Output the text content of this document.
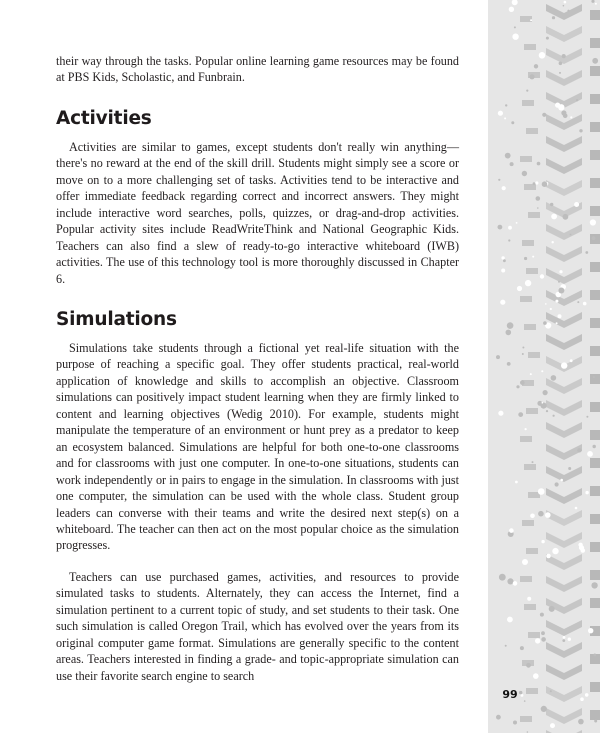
their way through the tasks. Popular online learning game resources may be found at PBS Kids, Scholastic, and Funbrain.

Activities

Activities are similar to games, except students don't really win anything—there's no reward at the end of the skill drill. Students might simply see a score or move on to a more challenging set of tasks. Activities tend to be interactive and offer immediate feedback regarding correct and incorrect answers. They might include interactive word searches, polls, quizzes, or drag-and-drop activities. Popular activity sites include ReadWriteThink and National Geographic Kids. Teachers can also find a slew of ready-to-go interactive whiteboard (IWB) activities. The use of this technology tool is more thoroughly discussed in Chapter 6.

Simulations

Simulations take students through a fictional yet real-life situation with the purpose of reaching a specific goal. They offer students practical, real-world application of knowledge and skills to accomplish an objective. Classroom simulations can positively impact student learning when they are firmly linked to content and learning objectives (Wedig 2010). For example, students might manipulate the temperature of an environment or hunt prey as a predator to keep an ecosystem balanced. Simulations are helpful for both one-to-one classrooms and for classrooms with just one computer. In one-to-one situations, students can work independently or in pairs to engage in the simulation. In classrooms with just one computer, the simulation can be used with the whole class. Student group leaders can converse with their teams and write the desired next step(s) on a whiteboard. The teacher can then act on the most popular choice as the simulation progresses.

Teachers can use purchased games, activities, and resources to provide simulated tasks to students. Alternately, they can access the Internet, find a simulation pertinent to a current topic of study, and set students to their task. One such simulation is called Oregon Trail, which has evolved over the years from its original computer game format. Simulations are generally specific to the content areas. Teachers interested in finding a grade- and topic-appropriate simulation can use their favorite search engine to search

99
